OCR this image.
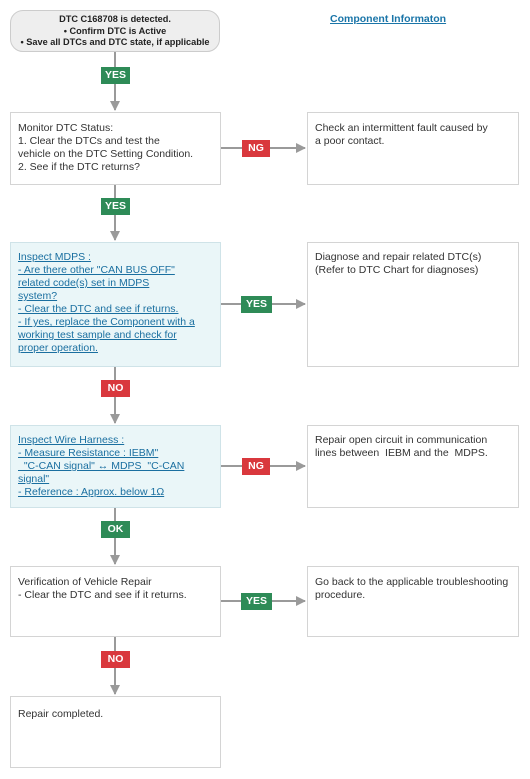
DTC C168708 is detected.
• Confirm DTC is Active
• Save all DTCs and DTC state, if applicable
Component Informaton
YES
YES
NG
YES
NO
NG
OK
YES
NO
Monitor DTC Status:
1. Clear the DTCs and test the
vehicle on the DTC Setting Condition.
2. See if the DTC returns?
Check an intermittent fault caused by
a poor contact.
Inspect MDPS :
- Are there other "CAN BUS OFF"
related code(s) set in MDPS
system?
- Clear the DTC and see if returns.
- If yes, replace the Component with a
working test sample and check for
proper operation.
Diagnose and repair related DTC(s)
(Refer to DTC Chart for diagnoses)
Inspect Wire Harness :
- Measure Resistance : IEBM"
"C-CAN signal" ↔ MDPS  "C-CAN
signal"
- Reference : Approx. below 1Ω
Repair open circuit in communication
lines between  IEBM and the  MDPS.
Verification of Vehicle Repair
- Clear the DTC and see if it returns.
Go back to the applicable troubleshooting
procedure.
Repair completed.
